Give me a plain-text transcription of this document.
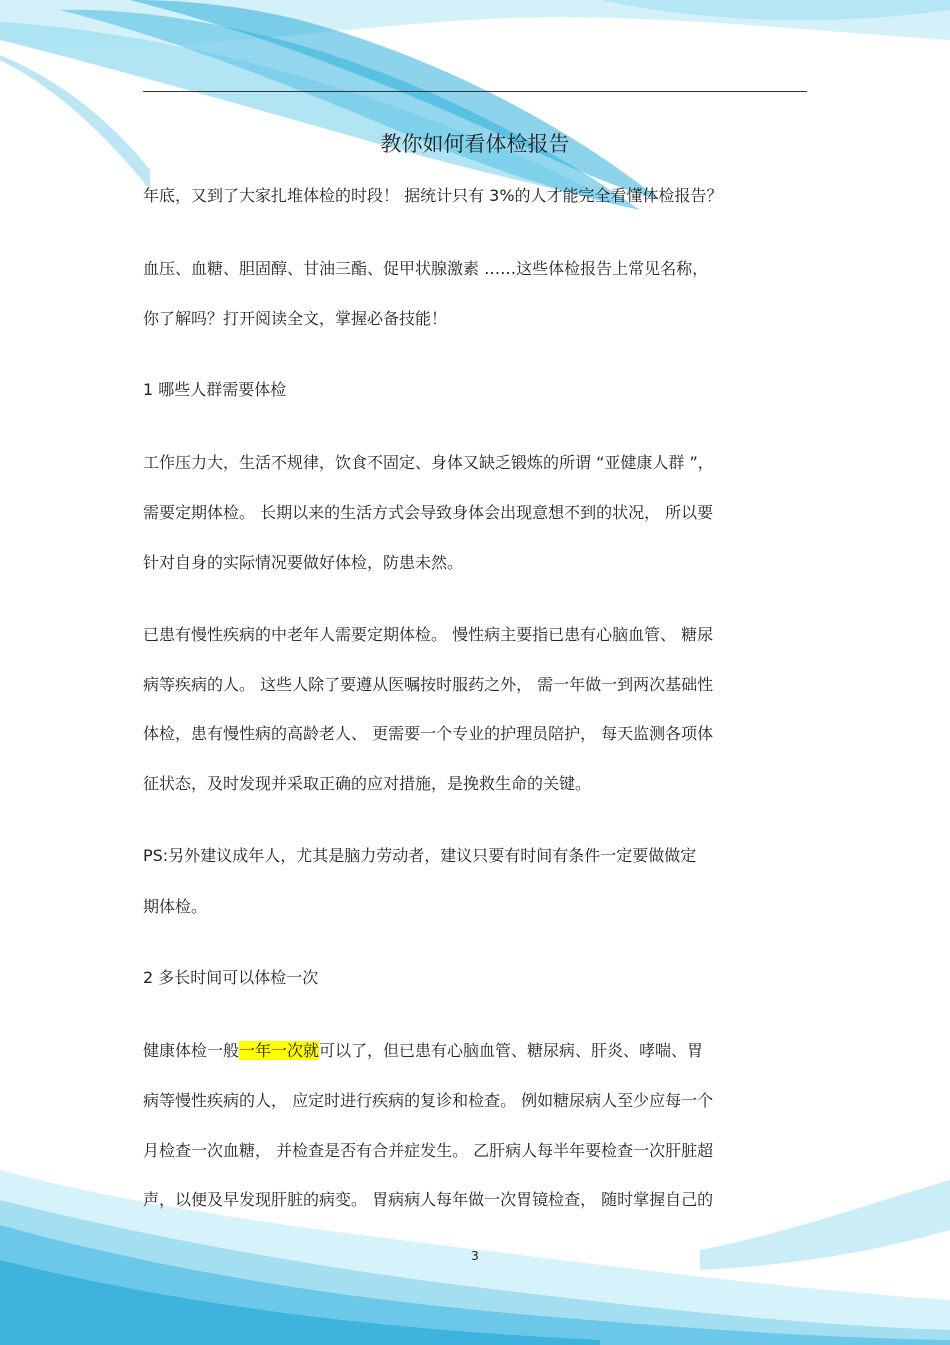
教你如何看体检报告
年底，又到了大家扎堆体检的时段！ 据统计只有 3%的人才能完全看懂体检报告？
血压、血糖、胆固醇、甘油三酯、促甲状腺激素 ……这些体检报告上常见名称，
你了解吗？打开阅读全文，掌握必备技能！
1 哪些人群需要体检
工作压力大，生活不规律，饮食不固定、身体又缺乏锻炼的所谓 “亚健康人群 ”，
需要定期体检。 长期以来的生活方式会导致身体会出现意想不到的状况， 所以要
针对自身的实际情况要做好体检，防患未然。
已患有慢性疾病的中老年人需要定期体检。 慢性病主要指已患有心脑血管、 糖尿
病等疾病的人。 这些人除了要遵从医嘱按时服药之外， 需一年做一到两次基础性
体检，患有慢性病的高龄老人、 更需要一个专业的护理员陪护， 每天监测各项体
征状态，及时发现并采取正确的应对措施，是挽救生命的关键。
PS:另外建议成年人，尤其是脑力劳动者，建议只要有时间有条件一定要做做定
期体检。
2 多长时间可以体检一次
健康体检一般一年一次就可以了，但已患有心脑血管、糖尿病、肝炎、哮喘、胃
病等慢性疾病的人， 应定时进行疾病的复诊和检查。 例如糖尿病人至少应每一个
月检查一次血糖， 并检查是否有合并症发生。 乙肝病人每半年要检查一次肝脏超
声，以便及早发现肝脏的病变。 胃病病人每年做一次胃镜检查， 随时掌握自己的
3
